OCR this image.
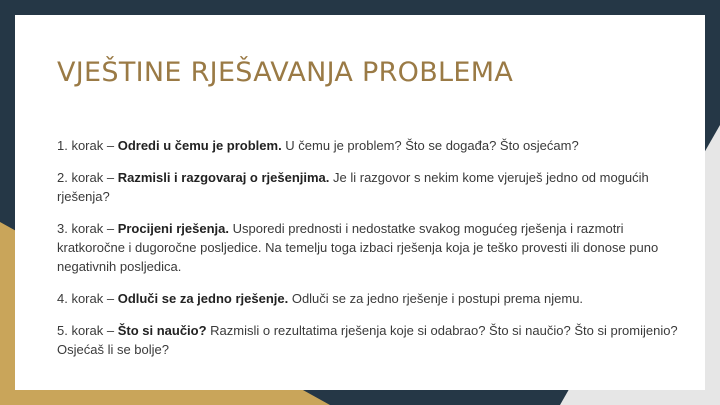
VJEŠTINE RJEŠAVANJA PROBLEMA
1. korak – Odredi u čemu je problem. U čemu je problem? Što se događa? Što osjećam?
2. korak – Razmisli i razgovaraj o rješenjima. Je li razgovor s nekim kome vjeruješ jedno od mogućih rješenja?
3. korak – Procijeni rješenja. Usporedi prednosti i nedostatke svakog mogućeg rješenja i razmotri kratkoročne i dugoročne posljedice. Na temelju toga izbaci rješenja koja je teško provesti ili donose puno negativnih posljedica.
4. korak – Odluči se za jedno rješenje. Odluči se za jedno rješenje i postupi prema njemu.
5. korak – Što si naučio? Razmisli o rezultatima rješenja koje si odabrao? Što si naučio? Što si promijenio? Osjećaš li se bolje?
